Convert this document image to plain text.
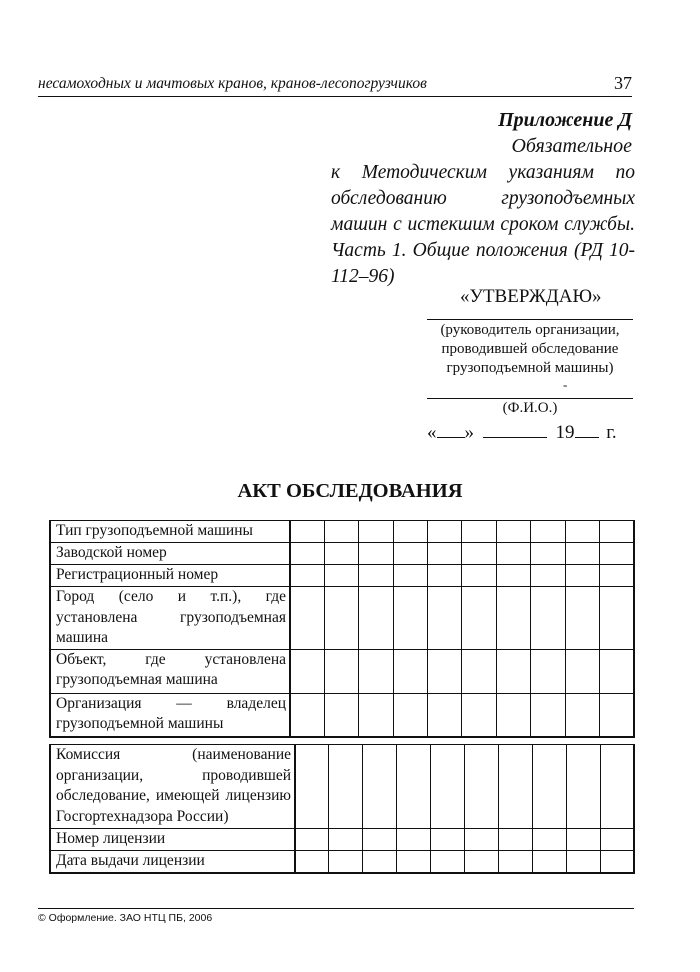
несамоходных и мачтовых кранов, кранов-лесопогрузчиков	37
Приложение Д
Обязательное
к Методическим указаниям по обследованию грузоподъемных машин с истекшим сроком службы. Часть 1. Общие положения (РД 10-112–96)
«УТВЕРЖДАЮ»
(руководитель организации, проводившей обследование грузоподъемной машины)
-
(Ф.И.О.)
« »	19 г.
АКТ ОБСЛЕДОВАНИЯ
Тип грузоподъемной машины										
Заводской номер										
Регистрационный номер										
Город (село и т.п.), где установлена грузоподъемная машина										
Объект, где установлена грузоподъемная машина										
Организация — владелец грузоподъемной машины										
Комиссия (наименование организации, проводившей обследование, имеющей лицензию Госгортехнадзора России)										
Номер лицензии										
Дата выдачи лицензии										
© Оформление. ЗАО НТЦ ПБ, 2006
